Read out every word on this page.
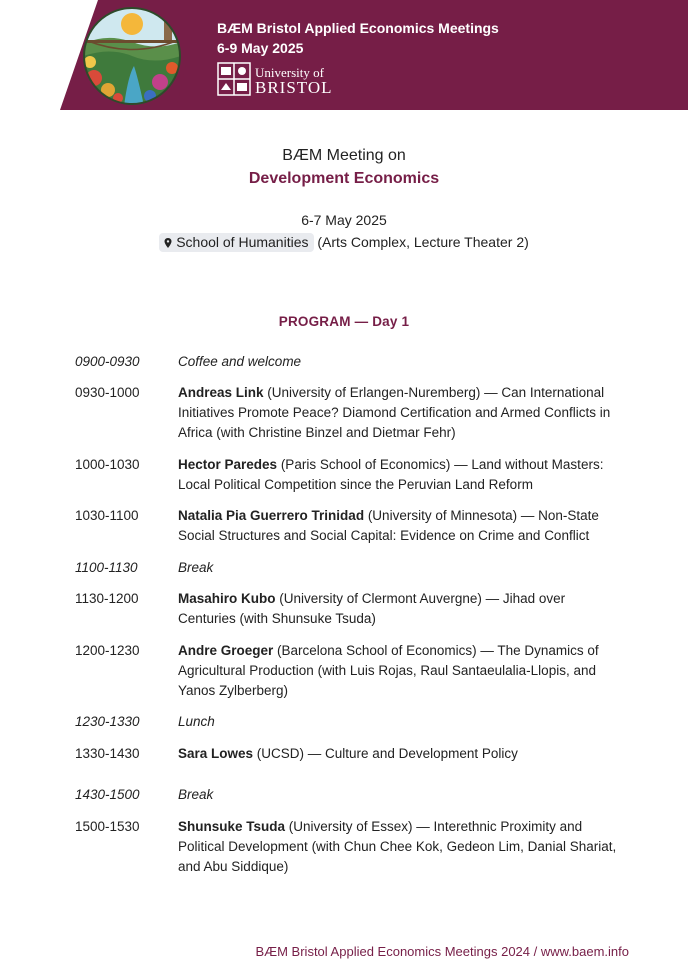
BÆM Bristol Applied Economics Meetings
6-9 May 2025
University of
BRISTOL
BÆM Meeting on
Development Economics
6-7 May 2025
School of Humanities (Arts Complex, Lecture Theater 2)
PROGRAM — Day 1
0900-0930	Coffee and welcome
0930-1000	Andreas Link (University of Erlangen-Nuremberg) — Can International Initiatives Promote Peace? Diamond Certification and Armed Conflicts in Africa (with Christine Binzel and Dietmar Fehr)
1000-1030	Hector Paredes (Paris School of Economics) — Land without Masters: Local Political Competition since the Peruvian Land Reform
1030-1100	Natalia Pia Guerrero Trinidad (University of Minnesota) — Non-State Social Structures and Social Capital: Evidence on Crime and Conflict
1100-1130	Break
1130-1200	Masahiro Kubo (University of Clermont Auvergne) — Jihad over Centuries (with Shunsuke Tsuda)
1200-1230	Andre Groeger (Barcelona School of Economics) — The Dynamics of Agricultural Production (with Luis Rojas, Raul Santaeulalia-Llopis, and Yanos Zylberberg)
1230-1330	Lunch
1330-1430	Sara Lowes (UCSD) — Culture and Development Policy
1430-1500	Break
1500-1530	Shunsuke Tsuda (University of Essex) — Interethnic Proximity and Political Development (with Chun Chee Kok, Gedeon Lim, Danial Shariat, and Abu Siddique)
BÆM Bristol Applied Economics Meetings 2024 / www.baem.info
